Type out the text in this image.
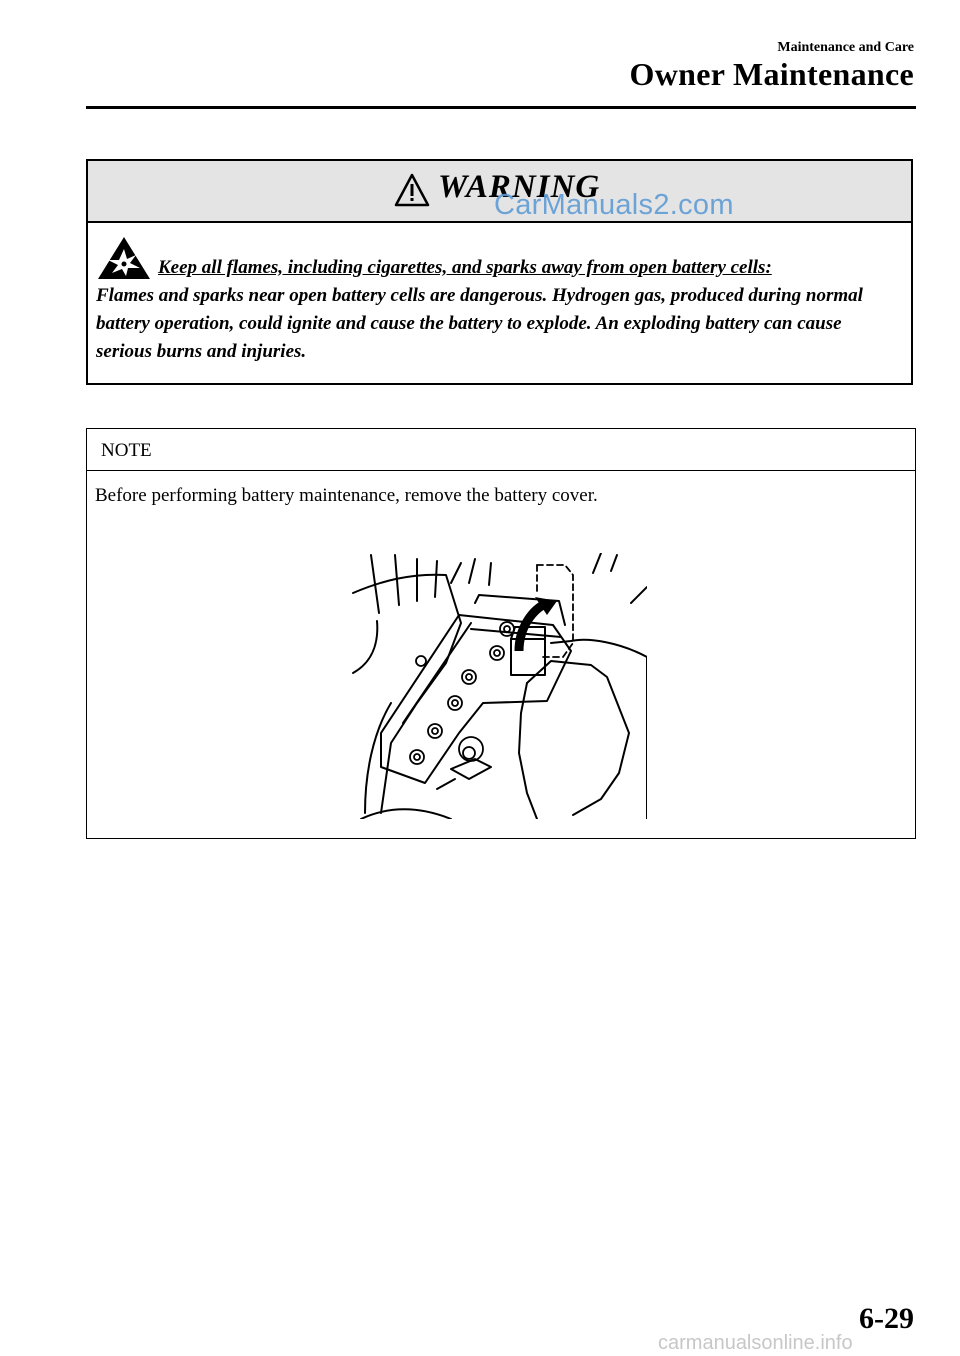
Maintenance and Care
Owner Maintenance
WARNING
CarManuals2.com
Keep all flames, including cigarettes, and sparks away from open battery cells:
Flames and sparks near open battery cells are dangerous. Hydrogen gas, produced during normal battery operation, could ignite and cause the battery to explode. An exploding battery can cause serious burns and injuries.
NOTE
Before performing battery maintenance, remove the battery cover.
6-29
carmanualsonline.info
